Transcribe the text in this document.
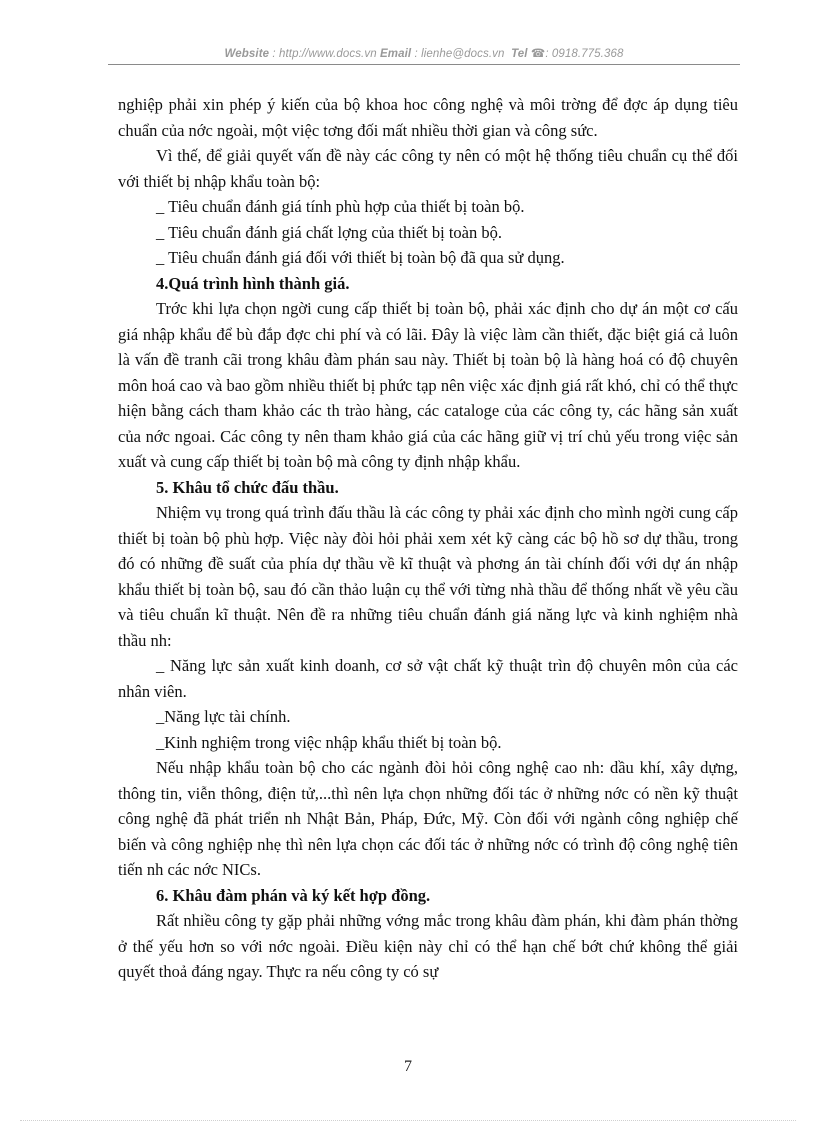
Website : http://www.docs.vn Email : lienhe@docs.vn Tel ☎: 0918.775.368

nghiệp phải xin phép ý kiến của bộ khoa hoc công nghệ và môi trờng để đợc áp dụng tiêu chuẩn của nớc ngoài, một việc tơng đối mất nhiều thời gian và công sức.

Vì thế, để giải quyết vấn đề này các công ty nên có một hệ thống tiêu chuẩn cụ thể đối với thiết bị nhập khẩu toàn bộ:

_ Tiêu chuẩn đánh giá tính phù hợp của thiết bị toàn bộ.

_ Tiêu chuẩn đánh giá chất lợng của thiết bị toàn bộ.

_ Tiêu chuẩn đánh giá đối với thiết bị toàn bộ đã qua sử dụng.

4.Quá trình hình thành giá.

Trớc khi lựa chọn ngời cung cấp thiết bị toàn bộ, phải xác định cho dự án một cơ cấu giá nhập khẩu để bù đắp đợc chi phí và có lãi. Đây là việc làm cần thiết, đặc biệt giá cả luôn là vấn đề tranh cãi trong khâu đàm phán sau này. Thiết bị toàn bộ là hàng hoá có độ chuyên môn hoá cao và bao gồm nhiều thiết bị phức tạp nên việc xác định giá rất khó, chỉ có thể thực hiện bằng cách tham khảo các th trào hàng, các cataloge của các công ty, các hãng sản xuất của nớc ngoai. Các công ty nên tham khảo giá của các hãng giữ vị trí chủ yếu trong việc sản xuất và cung cấp thiết bị toàn bộ mà công ty định nhập khẩu.

5. Khâu tổ chức đấu thầu.

Nhiệm vụ trong quá trình đấu thầu là các công ty phải xác định cho mình ngời cung cấp thiết bị toàn bộ phù hợp. Việc này đòi hỏi phải xem xét kỹ càng các bộ hồ sơ dự thầu, trong đó có những đề suất của phía dự thầu về kĩ thuật và phơng án tài chính đối với dự án nhập khẩu thiết bị toàn bộ, sau đó cần thảo luận cụ thể với từng nhà thầu để thống nhất về yêu cầu và tiêu chuẩn kĩ thuật. Nên đề ra những tiêu chuẩn đánh giá năng lực và kinh nghiệm nhà thầu nh:

_ Năng lực sản xuất kinh doanh, cơ sở vật chất kỹ thuật trìn độ chuyên môn của các nhân viên.

_Năng lực tài chính.

_Kinh nghiệm trong việc nhập khẩu thiết bị toàn bộ.

Nếu nhập khẩu toàn bộ cho các ngành đòi hỏi công nghệ cao nh: dầu khí, xây dựng, thông tin, viễn thông, điện tử,...thì nên lựa chọn những đối tác ở những nớc có nền kỹ thuật công nghệ đã phát triển nh Nhật Bản, Pháp, Đức, Mỹ. Còn đối với ngành công nghiệp chế biến và công nghiệp nhẹ thì nên lựa chọn các đối tác ở những nớc có trình độ công nghệ tiên tiến nh các nớc NICs.

6. Khâu đàm phán và ký kết hợp đồng.

Rất nhiều công ty gặp phải những vớng mắc trong khâu đàm phán, khi đàm phán thờng ở thế yếu hơn so với nớc ngoài. Điều kiện này chỉ có thể hạn chế bớt chứ không thể giải quyết thoả đáng ngay. Thực ra nếu công ty có sự

7
